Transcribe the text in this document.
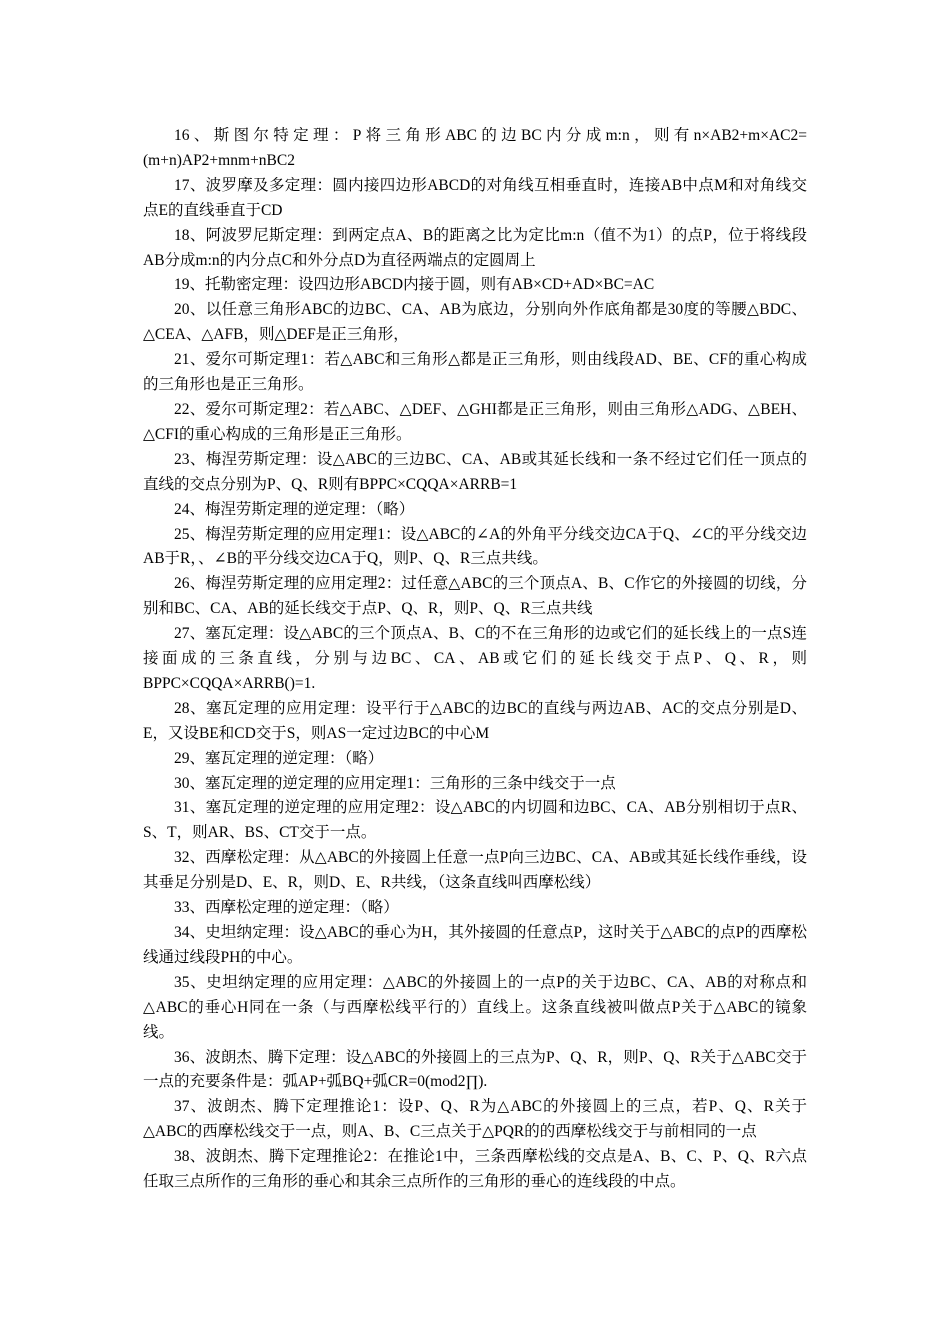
16、斯图尔特定理：P将三角形ABC的边BC内分成m:n，则有n×AB2+m×AC2=(m+n)AP2+mnm+nBC2

17、波罗摩及多定理：圆内接四边形ABCD的对角线互相垂直时，连接AB中点M和对角线交点E的直线垂直于CD

18、阿波罗尼斯定理：到两定点A、B的距离之比为定比m:n（值不为1）的点P，位于将线段AB分成m:n的内分点C和外分点D为直径两端点的定圆周上

19、托勒密定理：设四边形ABCD内接于圆，则有AB×CD+AD×BC=AC

20、以任意三角形ABC的边BC、CA、AB为底边，分别向外作底角都是30度的等腰△BDC、△CEA、△AFB，则△DEF是正三角形，

21、爱尔可斯定理1：若△ABC和三角形△都是正三角形，则由线段AD、BE、CF的重心构成的三角形也是正三角形。

22、爱尔可斯定理2：若△ABC、△DEF、△GHI都是正三角形，则由三角形△ADG、△BEH、△CFI的重心构成的三角形是正三角形。

23、梅涅劳斯定理：设△ABC的三边BC、CA、AB或其延长线和一条不经过它们任一顶点的直线的交点分别为P、Q、R则有BPPC×CQQA×ARRB=1

24、梅涅劳斯定理的逆定理：（略）

25、梅涅劳斯定理的应用定理1：设△ABC的∠A的外角平分线交边CA于Q、∠C的平分线交边AB于R，、∠B的平分线交边CA于Q，则P、Q、R三点共线。

26、梅涅劳斯定理的应用定理2：过任意△ABC的三个顶点A、B、C作它的外接圆的切线，分别和BC、CA、AB的延长线交于点P、Q、R，则P、Q、R三点共线

27、塞瓦定理：设△ABC的三个顶点A、B、C的不在三角形的边或它们的延长线上的一点S连接面成的三条直线，分别与边BC、CA、AB或它们的延长线交于点P、Q、R，则BPPC×CQQA×ARRB()=1.

28、塞瓦定理的应用定理：设平行于△ABC的边BC的直线与两边AB、AC的交点分别是D、E，又设BE和CD交于S，则AS一定过边BC的中心M

29、塞瓦定理的逆定理：（略）

30、塞瓦定理的逆定理的应用定理1：三角形的三条中线交于一点

31、塞瓦定理的逆定理的应用定理2：设△ABC的内切圆和边BC、CA、AB分别相切于点R、S、T，则AR、BS、CT交于一点。

32、西摩松定理：从△ABC的外接圆上任意一点P向三边BC、CA、AB或其延长线作垂线，设其垂足分别是D、E、R，则D、E、R共线，（这条直线叫西摩松线）

33、西摩松定理的逆定理：（略）

34、史坦纳定理：设△ABC的垂心为H，其外接圆的任意点P，这时关于△ABC的点P的西摩松线通过线段PH的中心。

35、史坦纳定理的应用定理：△ABC的外接圆上的一点P的关于边BC、CA、AB的对称点和△ABC的垂心H同在一条（与西摩松线平行的）直线上。这条直线被叫做点P关于△ABC的镜象线。

36、波朗杰、腾下定理：设△ABC的外接圆上的三点为P、Q、R，则P、Q、R关于△ABC交于一点的充要条件是：弧AP+弧BQ+弧CR=0(mod2∏).

37、波朗杰、腾下定理推论1：设P、Q、R为△ABC的外接圆上的三点，若P、Q、R关于△ABC的西摩松线交于一点，则A、B、C三点关于△PQR的的西摩松线交于与前相同的一点

38、波朗杰、腾下定理推论2：在推论1中，三条西摩松线的交点是A、B、C、P、Q、R六点任取三点所作的三角形的垂心和其余三点所作的三角形的垂心的连线段的中点。
